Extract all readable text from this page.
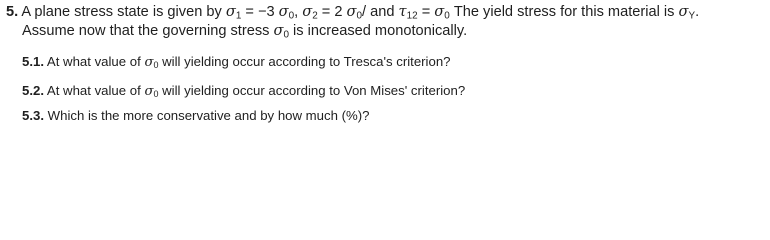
5. A plane stress state is given by $\sigma_1 = -3$ $\sigma_0$, $\sigma_2 = 2$ $\sigma_0/$ and $\tau_{12} = \sigma_0$ The yield stress for this material is $\sigma_Y$.
Assume now that the governing stress $\sigma_0$ is increased monotonically.
5.1. At what value of $\sigma_0$ will yielding occur according to Tresca's criterion?
5.2. At what value of $\sigma_0$ will yielding occur according to Von Mises' criterion?
5.3. Which is the more conservative and by how much (%)?
